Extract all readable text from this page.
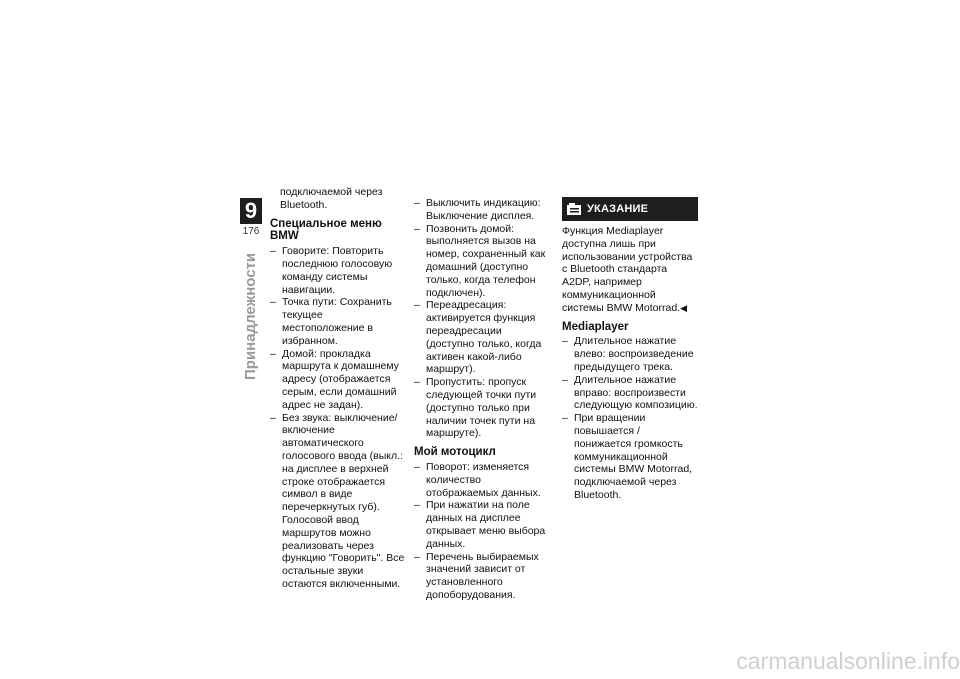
9
176
Принадлежности

подключаемой через Bluetooth.

Специальное меню BMW

– Говорите: Повторить последнюю голосовую команду системы навигации.

– Точка пути: Сохранить текущее местоположение в избранном.

– Домой: прокладка маршрута к домашнему адресу (отображается серым, если домашний адрес не задан).

– Без звука: выключение/включение автоматического голосового ввода (выкл.: на дисплее в верхней строке отображается символ в виде перечеркнутых губ). Голосовой ввод маршрутов можно реализовать через функцию "Говорить". Все остальные звуки остаются включенными.

– Выключить индикацию: Выключение дисплея.

– Позвонить домой: выполняется вызов на номер, сохраненный как домашний (доступно только, когда телефон подключен).

– Переадресация: активируется функция переадресации (доступно только, когда активен какой-либо маршрут).

– Пропустить: пропуск следующей точки пути (доступно только при наличии точек пути на маршруте).

Мой мотоцикл

– Поворот: изменяется количество отображаемых данных.

– При нажатии на поле данных на дисплее открывает меню выбора данных.

– Перечень выбираемых значений зависит от установленного допоборудования.

УКАЗАНИЕ

Функция Mediaplayer доступна лишь при использовании устройства с Bluetooth стандарта A2DP, например коммуникационной системы BMW Motorrad.◀

Mediaplayer

– Длительное нажатие влево: воспроизведение предыдущего трека.

– Длительное нажатие вправо: воспроизвести следующую композицию.

– При вращении повышается / понижается громкость коммуникационной системы BMW Motorrad, подключаемой через Bluetooth.

carmanualsonline.info
